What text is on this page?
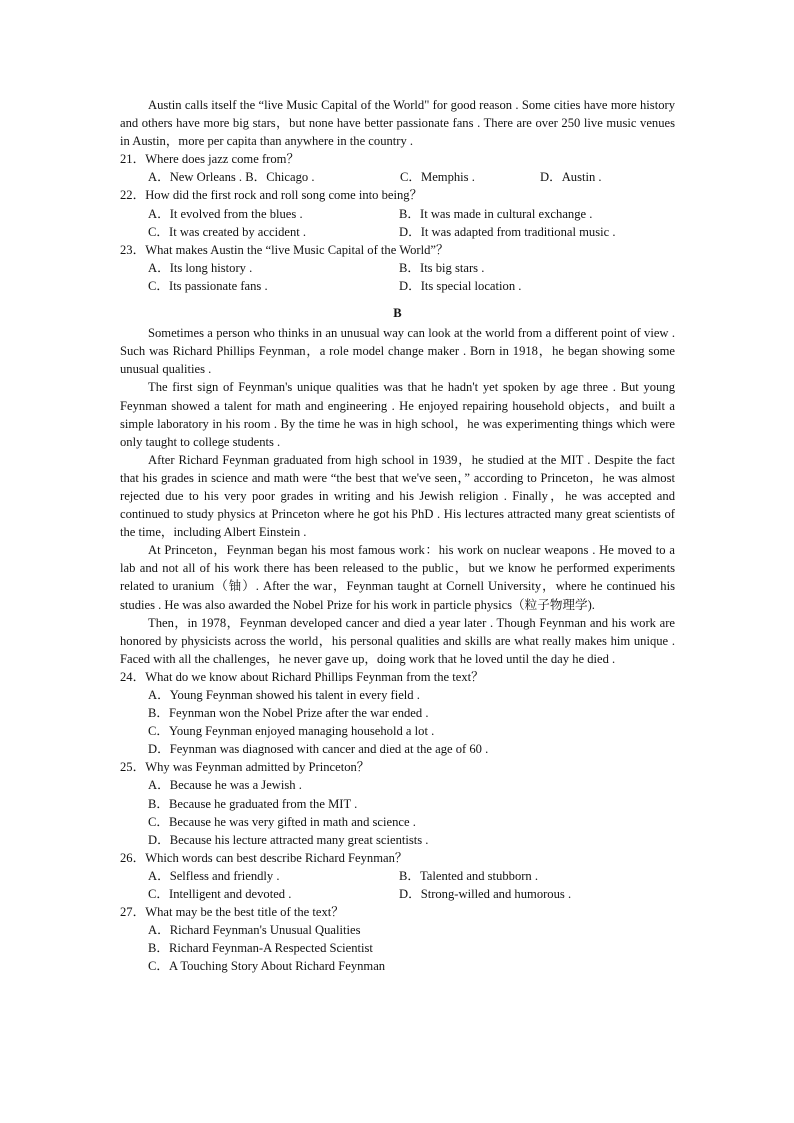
Austin calls itself the “live Music Capital of the World" for good reason . Some cities have more history and others have more big stars，but none have better passionate fans . There are over 250 live music venues in Austin，more per capita than anywhere in the country .

21．Where does jazz come from？

A．New Orleans . B．Chicago .	C．Memphis .	D．Austin .

22．How did the first rock and roll song come into being？

A．It evolved from the blues .	B．It was made in cultural exchange .
C．It was created by accident .	D．It was adapted from traditional music .

23．What makes Austin the “live Music Capital of the World”？

A．Its long history .	B．Its big stars .
C．Its passionate fans .	D．Its special location .
B

Sometimes a person who thinks in an unusual way can look at the world from a different point of view . Such was Richard Phillips Feynman，a role model change maker . Born in 1918，he began showing some unusual qualities .

The first sign of Feynman's unique qualities was that he hadn't yet spoken by age three . But young Feynman showed a talent for math and engineering . He enjoyed repairing household objects，and built a simple laboratory in his room . By the time he was in high school，he was experimenting things which were only taught to college students .

After Richard Feynman graduated from high school in 1939，he studied at the MIT . Despite the fact that his grades in science and math were “the best that we've seen，” according to Princeton，he was almost rejected due to his very poor grades in writing and his Jewish religion . Finally，he was accepted and continued to study physics at Princeton where he got his PhD . His lectures attracted many great scientists of the time，including Albert Einstein .

At Princeton，Feynman began his most famous work：his work on nuclear weapons . He moved to a lab and not all of his work there has been released to the public，but we know he performed experiments related to uranium（铀）. After the war，Feynman taught at Cornell University，where he continued his studies . He was also awarded the Nobel Prize for his work in particle physics（粒子物理学).

Then，in 1978，Feynman developed cancer and died a year later . Though Feynman and his work are honored by physicists across the world，his personal qualities and skills are what really makes him unique . Faced with all the challenges，he never gave up，doing work that he loved until the day he died .

24．What do we know about Richard Phillips Feynman from the text？

A．Young Feynman showed his talent in every field .
B．Feynman won the Nobel Prize after the war ended .
C．Young Feynman enjoyed managing household a lot .
D．Feynman was diagnosed with cancer and died at the age of 60 .

25．Why was Feynman admitted by Princeton？

A．Because he was a Jewish .
B．Because he graduated from the MIT .
C．Because he was very gifted in math and science .
D．Because his lecture attracted many great scientists .

26．Which words can best describe Richard Feynman？

A．Selfless and friendly .	B．Talented and stubborn .
C．Intelligent and devoted .	D．Strong-willed and humorous .

27．What may be the best title of the text？

A．Richard Feynman's Unusual Qualities
B．Richard Feynman-A Respected Scientist
C．A Touching Story About Richard Feynman
